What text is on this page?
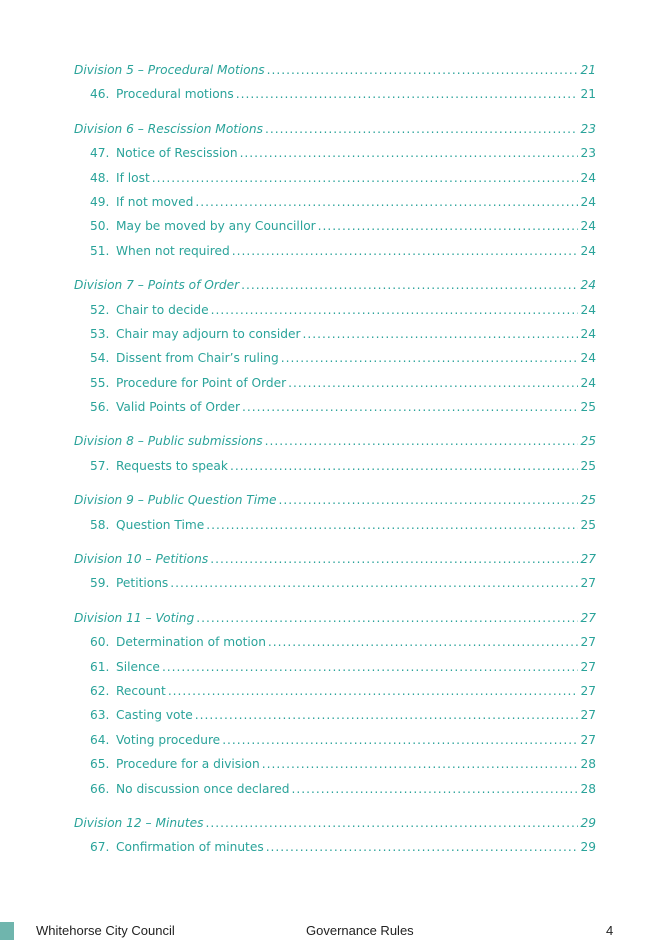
Division 5 – Procedural Motions .....	21
46. Procedural motions .....	21
Division 6 – Rescission Motions .....	23
47. Notice of Rescission .....	23
48. If lost .....	24
49. If not moved .....	24
50. May be moved by any Councillor .....	24
51. When not required .....	24
Division 7 – Points of Order .....	24
52. Chair to decide .....	24
53. Chair may adjourn to consider .....	24
54. Dissent from Chair’s ruling .....	24
55. Procedure for Point of Order .....	24
56. Valid Points of Order .....	25
Division 8 – Public submissions .....	25
57. Requests to speak .....	25
Division 9 – Public Question Time .....	25
58. Question Time .....	25
Division 10 – Petitions .....	27
59. Petitions .....	27
Division 11 – Voting .....	27
60. Determination of motion .....	27
61. Silence .....	27
62. Recount .....	27
63. Casting vote .....	27
64. Voting procedure .....	27
65. Procedure for a division .....	28
66. No discussion once declared .....	28
Division 12 – Minutes .....	29
67. Confirmation of minutes .....	29
Whitehorse City Council	Governance Rules	4
